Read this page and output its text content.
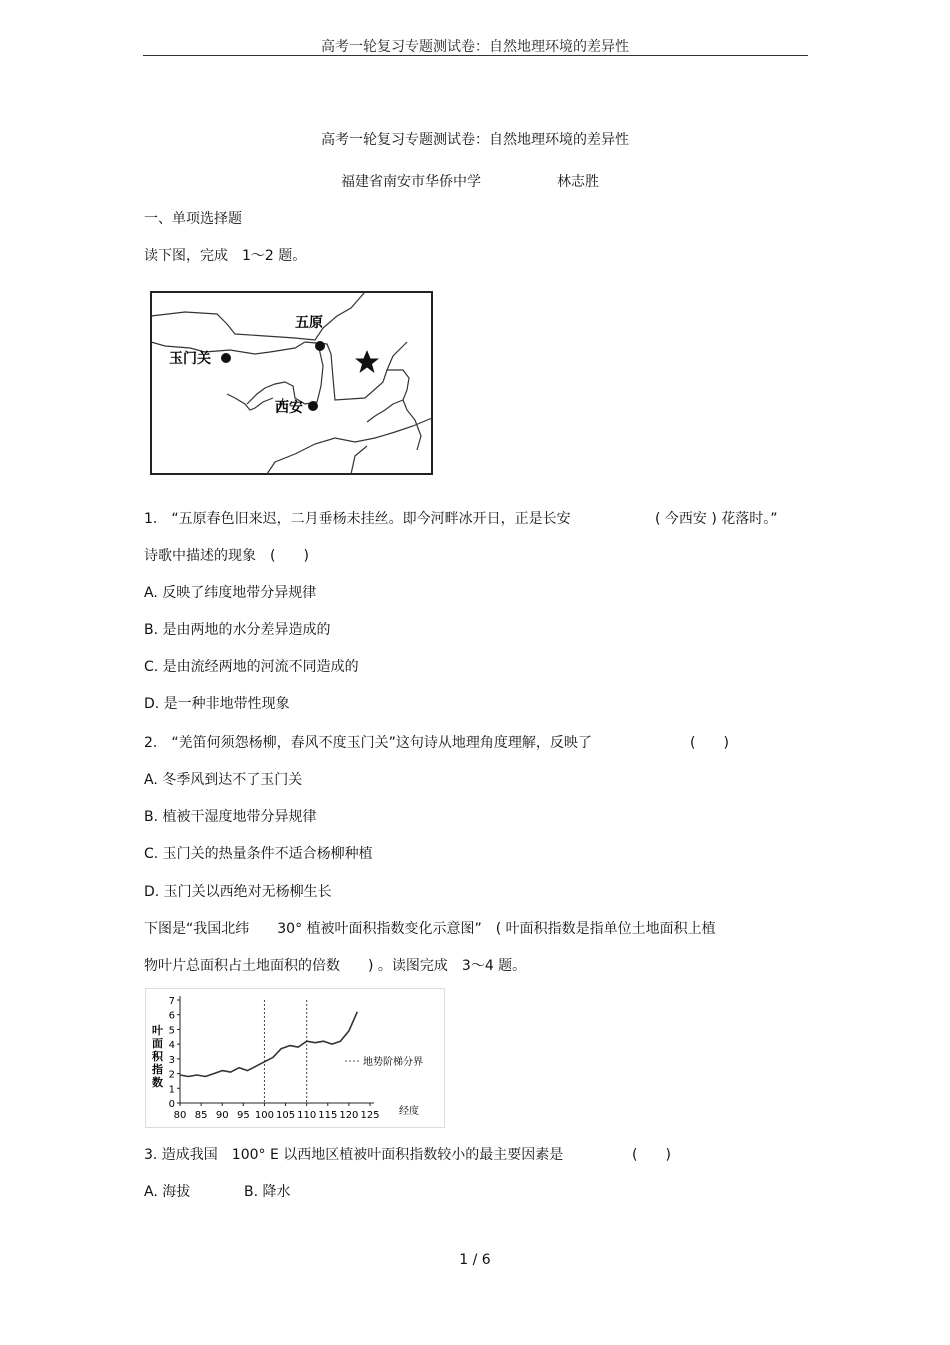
高考一轮复习专题测试卷：自然地理环境的差异性
高考一轮复习专题测试卷：自然地理环境的差异性
福建省南安市华侨中学	林志胜
一、单项选择题
读下图，完成　1～2 题。
五原
玉门关
西安
1.　“五原春色旧来迟，二月垂杨未挂丝。即今河畔冰开日，正是长安	( 今西安 ) 花落时。”
诗歌中描述的现象　(　　)
A. 反映了纬度地带分异规律
B. 是由两地的水分差异造成的
C. 是由流经两地的河流不同造成的
D. 是一种非地带性现象
2.　“羌笛何须怨杨柳，春风不度玉门关”这句诗从地理角度理解，反映了	(　　)
A. 冬季风到达不了玉门关
B. 植被干湿度地带分异规律
C. 玉门关的热量条件不适合杨柳种植
D. 玉门关以西绝对无杨柳生长
下图是“我国北纬　　30° 植被叶面积指数变化示意图”　( 叶面积指数是指单位土地面积上植
物叶片总面积占土地面积的倍数　　) 。读图完成　3～4 题。
叶
面
积
指
数
经度
地势阶梯分界
0
1
2
3
4
5
6
7
80 85 90 95 100 105 110 115 120 125
3. 造成我国　100° E 以西地区植被叶面积指数较小的最主要因素是	(　　)
A. 海拔	B. 降水
1 / 6
